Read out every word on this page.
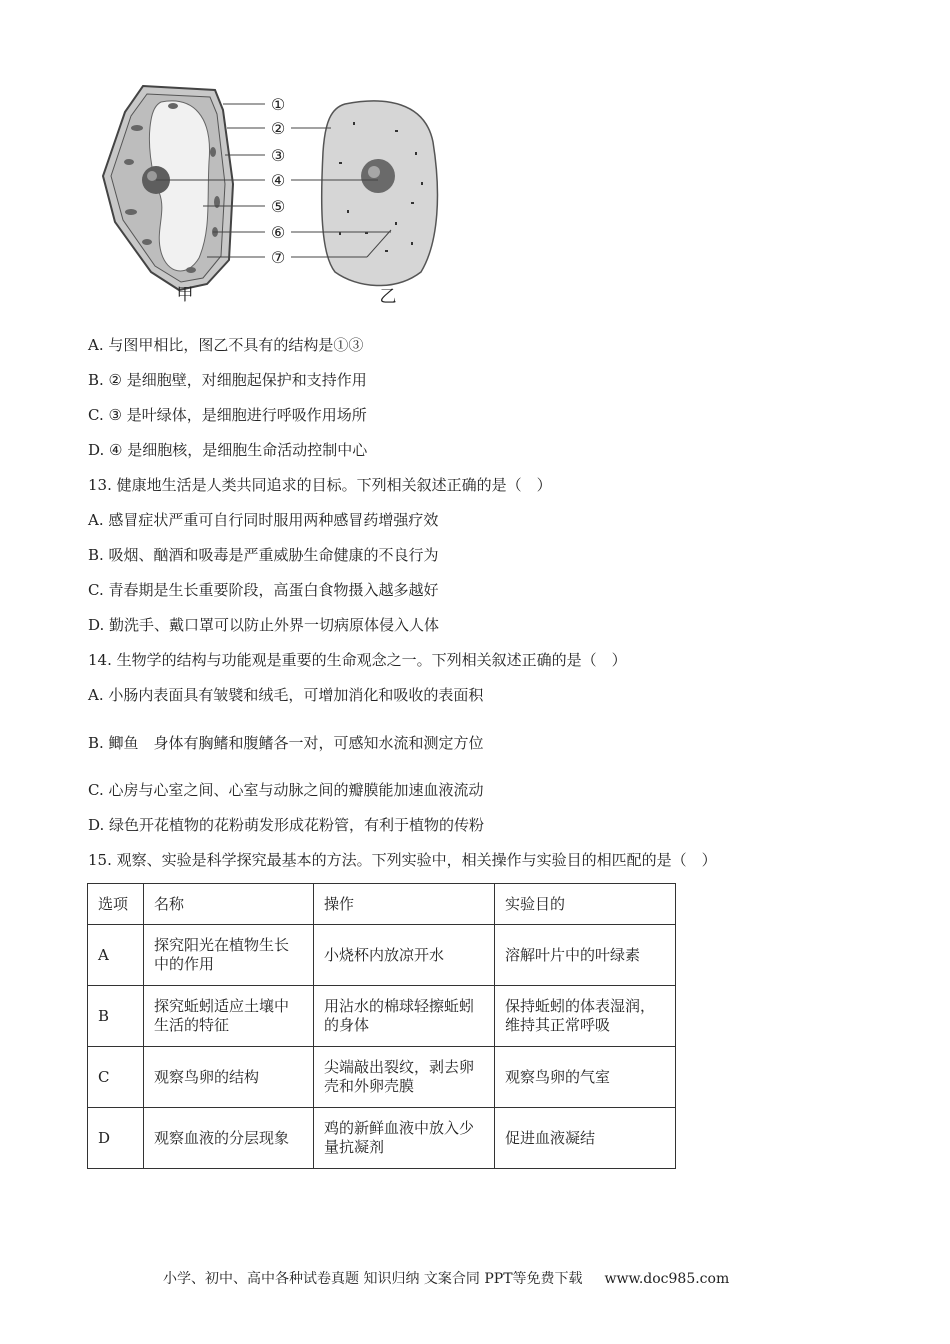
①
②
③
④
⑤
⑥
⑦
甲	乙
A. 与图甲相比，图乙不具有的结构是①③
B. ② 是细胞壁，对细胞起保护和支持作用
C. ③ 是叶绿体，是细胞进行呼吸作用场所
D. ④ 是细胞核，是细胞生命活动控制中心
13. 健康地生活是人类共同追求的目标。下列相关叙述正确的是（　）
A. 感冒症状严重可自行同时服用两种感冒药增强疗效
B. 吸烟、酗酒和吸毒是严重威胁生命健康的不良行为
C. 青春期是生长重要阶段，高蛋白食物摄入越多越好
D. 勤洗手、戴口罩可以防止外界一切病原体侵入人体
14. 生物学的结构与功能观是重要的生命观念之一。下列相关叙述正确的是（　）
A. 小肠内表面具有皱襞和绒毛，可增加消化和吸收的表面积
B. 鲫鱼　身体有胸鳍和腹鳍各一对，可感知水流和测定方位
C. 心房与心室之间、心室与动脉之间的瓣膜能加速血液流动
D. 绿色开花植物的花粉萌发形成花粉管，有利于植物的传粉
15. 观察、实验是科学探究最基本的方法。下列实验中，相关操作与实验目的相匹配的是（　）
选项	名称	操作	实验目的
A	探究阳光在植物生长中的作用	小烧杯内放凉开水	溶解叶片中的叶绿素
B	探究蚯蚓适应土壤中生活的特征	用沾水的棉球轻擦蚯蚓的身体	保持蚯蚓的体表湿润，维持其正常呼吸
C	观察鸟卵的结构	尖端敲出裂纹，剥去卵壳和外卵壳膜	观察鸟卵的气室
D	观察血液的分层现象	鸡的新鲜血液中放入少量抗凝剂	促进血液凝结
小学、初中、高中各种试卷真题 知识归纳 文案合同 PPT等免费下载 www.doc985.com
